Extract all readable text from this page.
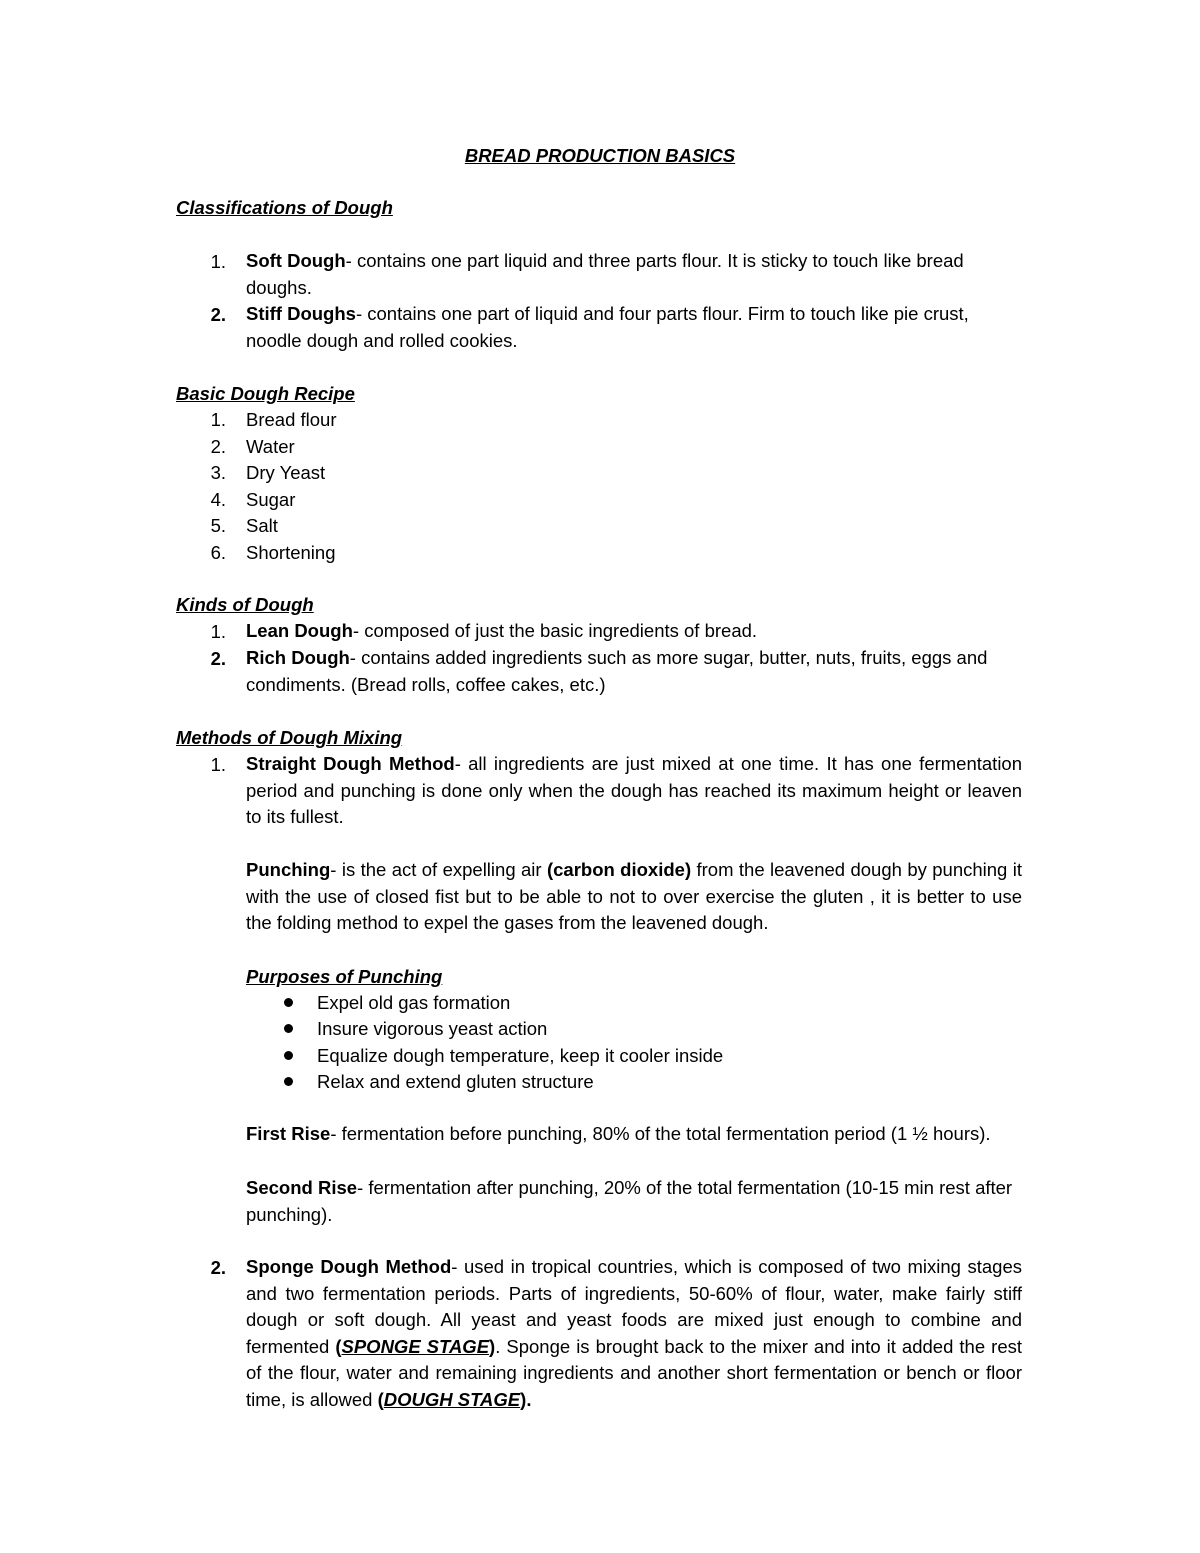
BREAD PRODUCTION BASICS
Classifications of Dough
1. Soft Dough- contains one part liquid and three parts flour. It is sticky to touch like bread doughs.
2. Stiff Doughs- contains one part of liquid and four parts flour. Firm to touch like pie crust, noodle dough and rolled cookies.
Basic Dough Recipe
1. Bread flour
2. Water
3. Dry Yeast
4. Sugar
5. Salt
6. Shortening
Kinds of Dough
1. Lean Dough- composed of just the basic ingredients of bread.
2. Rich Dough- contains added ingredients such as more sugar, butter, nuts, fruits, eggs and condiments. (Bread rolls, coffee cakes, etc.)
Methods of Dough Mixing
1. Straight Dough Method- all ingredients are just mixed at one time. It has one fermentation period and punching is done only when the dough has reached its maximum height or leaven to its fullest.
Punching- is the act of expelling air (carbon dioxide) from the leavened dough by punching it with the use of closed fist but to be able to not to over exercise the gluten , it is better to use the folding method to expel the gases from the leavened dough.
Purposes of Punching
Expel old gas formation
Insure vigorous yeast action
Equalize dough temperature, keep it cooler inside
Relax and extend gluten structure
First Rise- fermentation before punching, 80% of the total fermentation period (1 ½ hours).
Second Rise- fermentation after punching, 20% of the total fermentation (10-15 min rest after punching).
2. Sponge Dough Method- used in tropical countries, which is composed of two mixing stages and two fermentation periods. Parts of ingredients, 50-60% of flour, water, make fairly stiff dough or soft dough. All yeast and yeast foods are mixed just enough to combine and fermented (SPONGE STAGE). Sponge is brought back to the mixer and into it added the rest of the flour, water and remaining ingredients and another short fermentation or bench or floor time, is allowed (DOUGH STAGE).
